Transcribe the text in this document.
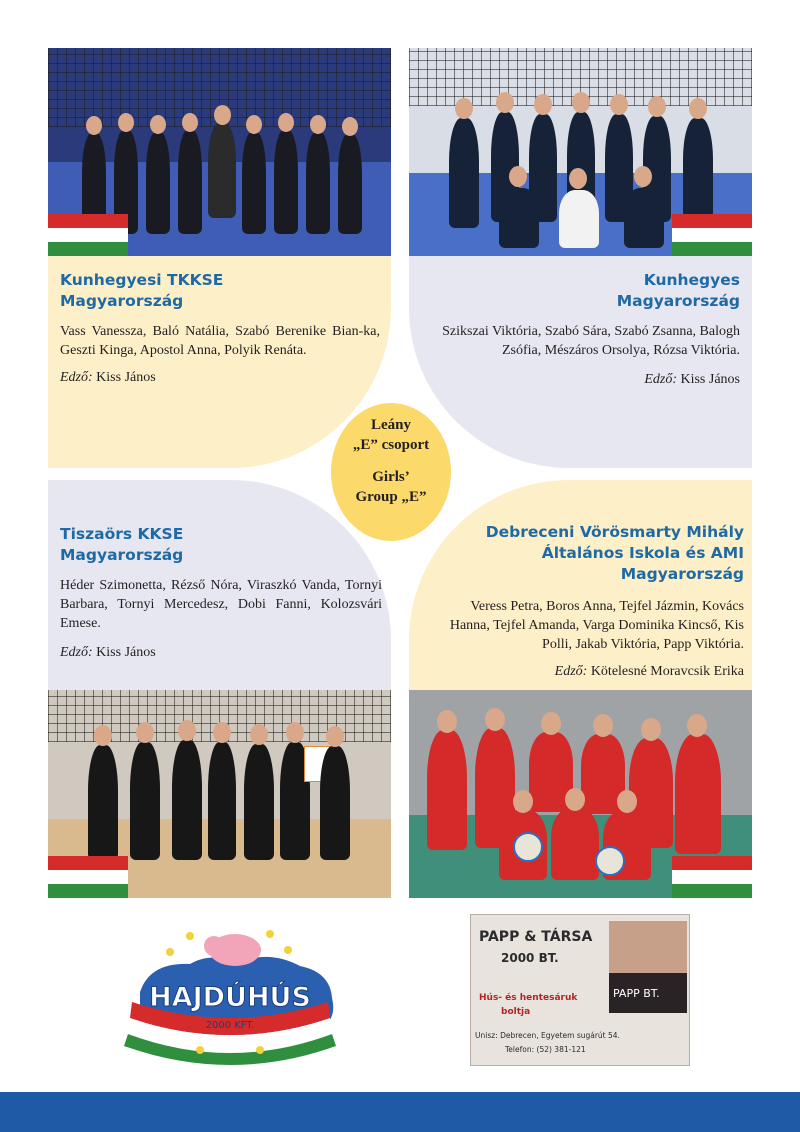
Kunhegyesi TKKSE
Magyarország
Vass Vanessza, Baló Natália, Szabó Berenike Bian-ka, Geszti Kinga, Apostol Anna, Polyik Renáta.
Edző: Kiss János
Kunhegyes
Magyarország
Szikszai Viktória, Szabó Sára, Szabó Zsanna, Balogh Zsófia, Mészáros Orsolya, Rózsa Viktória.
Edző: Kiss János
Leány
„E” csoport
Girls’
Group „E”
Tiszaörs KKSE
Magyarország
Héder Szimonetta, Rézső Nóra, Viraszkó Vanda, Tornyi Barbara, Tornyi Mercedesz, Dobi Fanni, Kolozsvári Emese.
Edző: Kiss János
Debreceni Vörösmarty Mihály
Általános Iskola és AMI
Magyarország
Veress Petra, Boros Anna, Tejfel Jázmin, Kovács Hanna, Tejfel Amanda, Varga Dominika Kincső, Kis Polli, Jakab Viktória, Papp Viktória.
Edző: Kötelesné Moravcsik Erika
HAJDÚHÚS
2000 KFT.
PAPP & TÁRSA
2000 BT.
PAPP BT.
Hús- és hentesáruk
boltja
Unisz: Debrecen, Egyetem sugárút 54.
Telefon: (52) 381-121
